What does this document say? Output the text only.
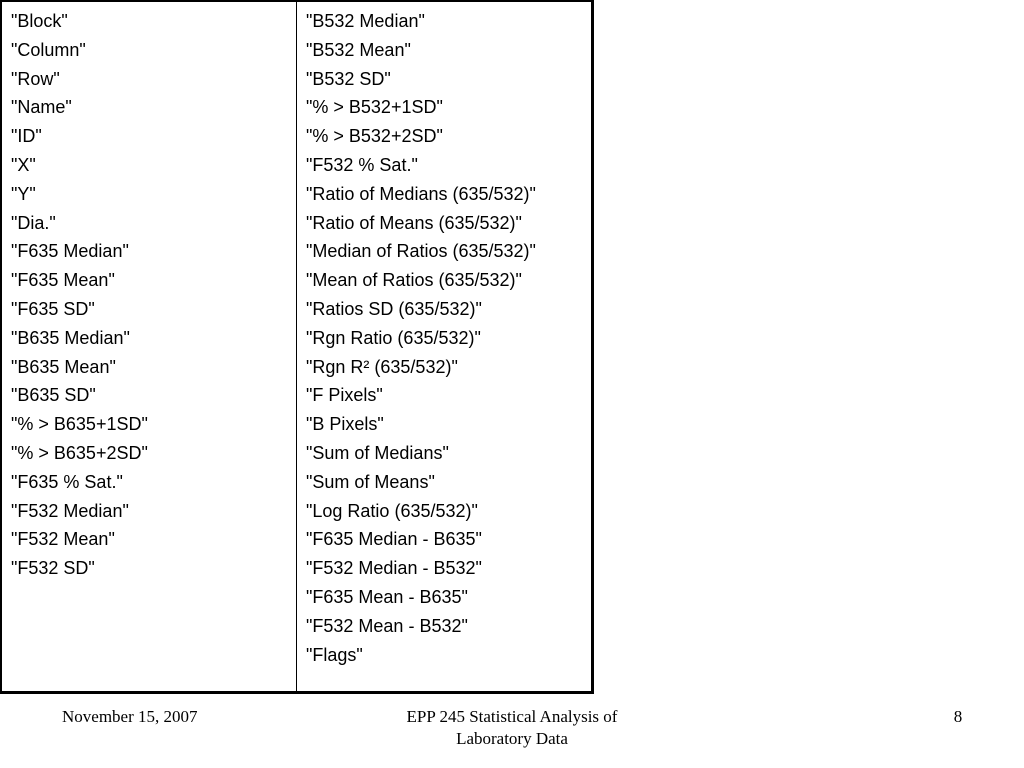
"Block"
"Column"
"Row"
"Name"
"ID"
"X"
"Y"
"Dia."
"F635 Median"
"F635 Mean"
"F635 SD"
"B635 Median"
"B635 Mean"
"B635 SD"
"% > B635+1SD"
"% > B635+2SD"
"F635 % Sat."
"F532 Median"
"F532 Mean"
"F532 SD"
"B532 Median"
"B532 Mean"
"B532 SD"
"% > B532+1SD"
"% > B532+2SD"
"F532 % Sat."
"Ratio of Medians (635/532)"
"Ratio of Means (635/532)"
"Median of Ratios (635/532)"
"Mean of Ratios (635/532)"
"Ratios SD (635/532)"
"Rgn Ratio (635/532)"
"Rgn R² (635/532)"
"F Pixels"
"B Pixels"
"Sum of Medians"
"Sum of Means"
"Log Ratio (635/532)"
"F635 Median - B635"
"F532 Median - B532"
"F635 Mean - B635"
"F532 Mean - B532"
"Flags"
November 15, 2007	EPP 245 Statistical Analysis of
Laboratory Data
8
